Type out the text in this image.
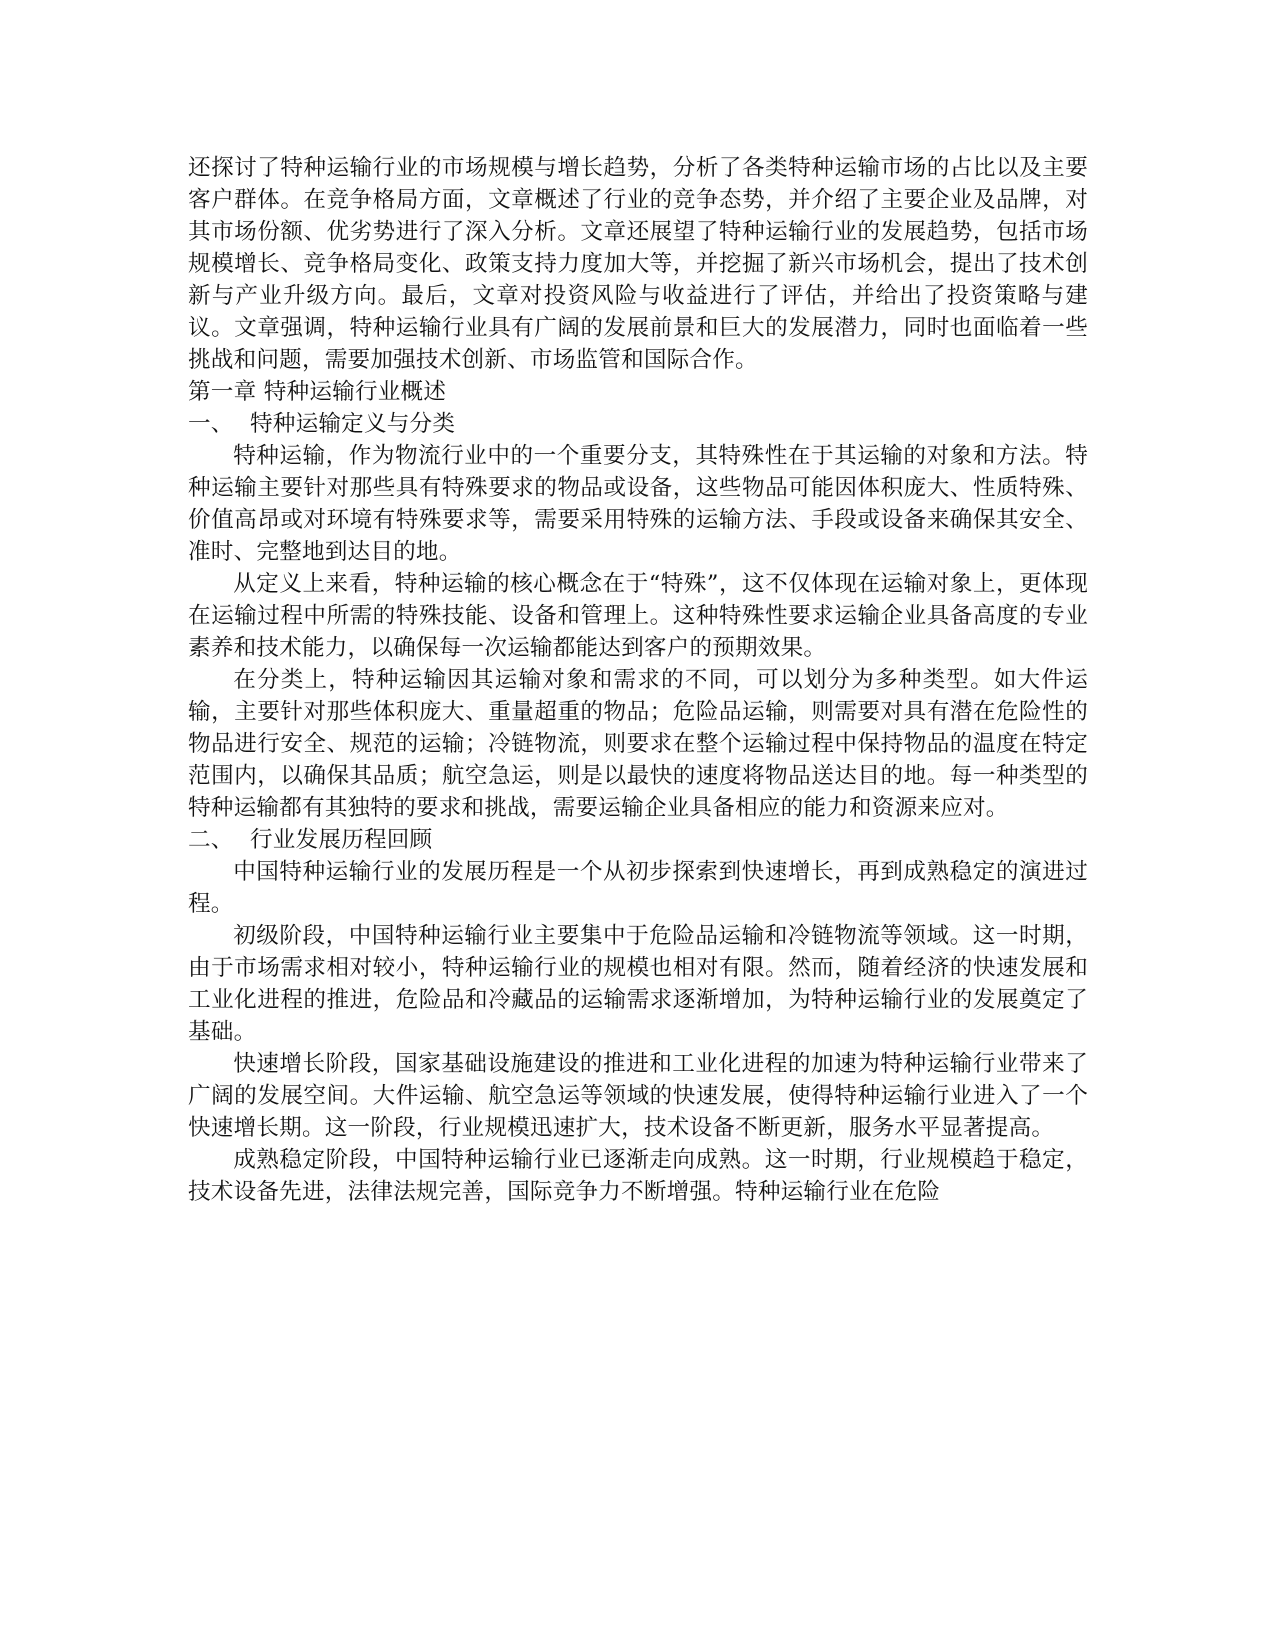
还探讨了特种运输行业的市场规模与增长趋势，分析了各类特种运输市场的占比以及主要客户群体。在竞争格局方面，文章概述了行业的竞争态势，并介绍了主要企业及品牌，对其市场份额、优劣势进行了深入分析。文章还展望了特种运输行业的发展趋势，包括市场规模增长、竞争格局变化、政策支持力度加大等，并挖掘了新兴市场机会，提出了技术创新与产业升级方向。最后，文章对投资风险与收益进行了评估，并给出了投资策略与建议。文章强调，特种运输行业具有广阔的发展前景和巨大的发展潜力，同时也面临着一些挑战和问题，需要加强技术创新、市场监管和国际合作。

第一章 特种运输行业概述
一、 特种运输定义与分类

特种运输，作为物流行业中的一个重要分支，其特殊性在于其运输的对象和方法。特种运输主要针对那些具有特殊要求的物品或设备，这些物品可能因体积庞大、性质特殊、价值高昂或对环境有特殊要求等，需要采用特殊的运输方法、手段或设备来确保其安全、准时、完整地到达目的地。

从定义上来看，特种运输的核心概念在于“特殊”，这不仅体现在运输对象上，更体现在运输过程中所需的特殊技能、设备和管理上。这种特殊性要求运输企业具备高度的专业素养和技术能力，以确保每一次运输都能达到客户的预期效果。

在分类上，特种运输因其运输对象和需求的不同，可以划分为多种类型。如大件运输，主要针对那些体积庞大、重量超重的物品；危险品运输，则需要对具有潜在危险性的物品进行安全、规范的运输；冷链物流，则要求在整个运输过程中保持物品的温度在特定范围内，以确保其品质；航空急运，则是以最快的速度将物品送达目的地。每一种类型的特种运输都有其独特的要求和挑战，需要运输企业具备相应的能力和资源来应对。

二、 行业发展历程回顾

中国特种运输行业的发展历程是一个从初步探索到快速增长，再到成熟稳定的演进过程。

初级阶段，中国特种运输行业主要集中于危险品运输和冷链物流等领域。这一时期，由于市场需求相对较小，特种运输行业的规模也相对有限。然而，随着经济的快速发展和工业化进程的推进，危险品和冷藏品的运输需求逐渐增加，为特种运输行业的发展奠定了基础。

快速增长阶段，国家基础设施建设的推进和工业化进程的加速为特种运输行业带来了广阔的发展空间。大件运输、航空急运等领域的快速发展，使得特种运输行业进入了一个快速增长期。这一阶段，行业规模迅速扩大，技术设备不断更新，服务水平显著提高。

成熟稳定阶段，中国特种运输行业已逐渐走向成熟。这一时期，行业规模趋于稳定，技术设备先进，法律法规完善，国际竞争力不断增强。特种运输行业在危险
